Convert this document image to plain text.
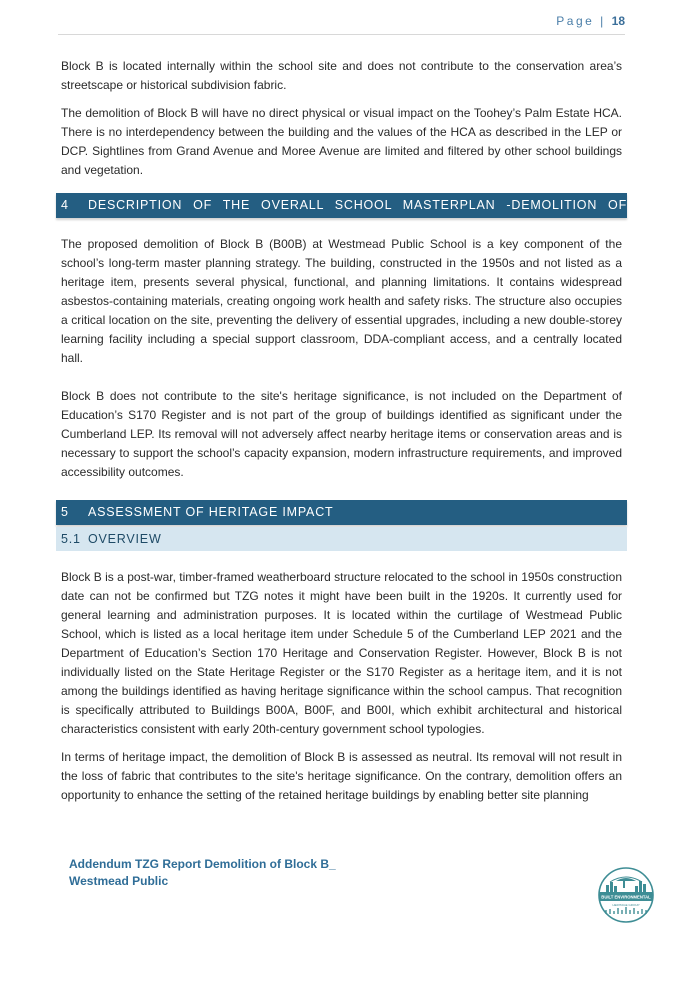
Page | 18

Block B is located internally within the school site and does not contribute to the conservation area’s streetscape or historical subdivision fabric.

The demolition of Block B will have no direct physical or visual impact on the Toohey’s Palm Estate HCA. There is no interdependency between the building and the values of the HCA as described in the LEP or DCP. Sightlines from Grand Avenue and Moree Avenue are limited and filtered by other school buildings and vegetation.

4 DESCRIPTION OF THE OVERALL SCHOOL MASTERPLAN -DEMOLITION OF BLOCK B

The proposed demolition of Block B (B00B) at Westmead Public School is a key component of the school’s long-term master planning strategy. The building, constructed in the 1950s and not listed as a heritage item, presents several physical, functional, and planning limitations. It contains widespread asbestos-containing materials, creating ongoing work health and safety risks. The structure also occupies a critical location on the site, preventing the delivery of essential upgrades, including a new double-storey learning facility including a special support classroom, DDA-compliant access, and a centrally located hall.

Block B does not contribute to the site's heritage significance, is not included on the Department of Education’s S170 Register and is not part of the group of buildings identified as significant under the Cumberland LEP. Its removal will not adversely affect nearby heritage items or conservation areas and is necessary to support the school’s capacity expansion, modern infrastructure requirements, and improved accessibility outcomes.

5 ASSESSMENT OF HERITAGE IMPACT
5.1 OVERVIEW

Block B is a post-war, timber-framed weatherboard structure relocated to the school in 1950s construction date can not be confirmed but TZG notes it might have been built in the 1920s. It currently used for general learning and administration purposes. It is located within the curtilage of Westmead Public School, which is listed as a local heritage item under Schedule 5 of the Cumberland LEP 2021 and the Department of Education’s Section 170 Heritage and Conservation Register. However, Block B is not individually listed on the State Heritage Register or the S170 Register as a heritage item, and it is not among the buildings identified as having heritage significance within the school campus. That recognition is specifically attributed to Buildings B00A, B00F, and B00I, which exhibit architectural and historical characteristics consistent with early 20th-century government school typologies.

In terms of heritage impact, the demolition of Block B is assessed as neutral. Its removal will not result in the loss of fabric that contributes to the site's heritage significance. On the contrary, demolition offers an opportunity to enhance the setting of the retained heritage buildings by enabling better site planning

Addendum TZG Report Demolition of Block B_
Westmead Public
BUILT ENVIRONMENTAL
HERITAGE GROUP
